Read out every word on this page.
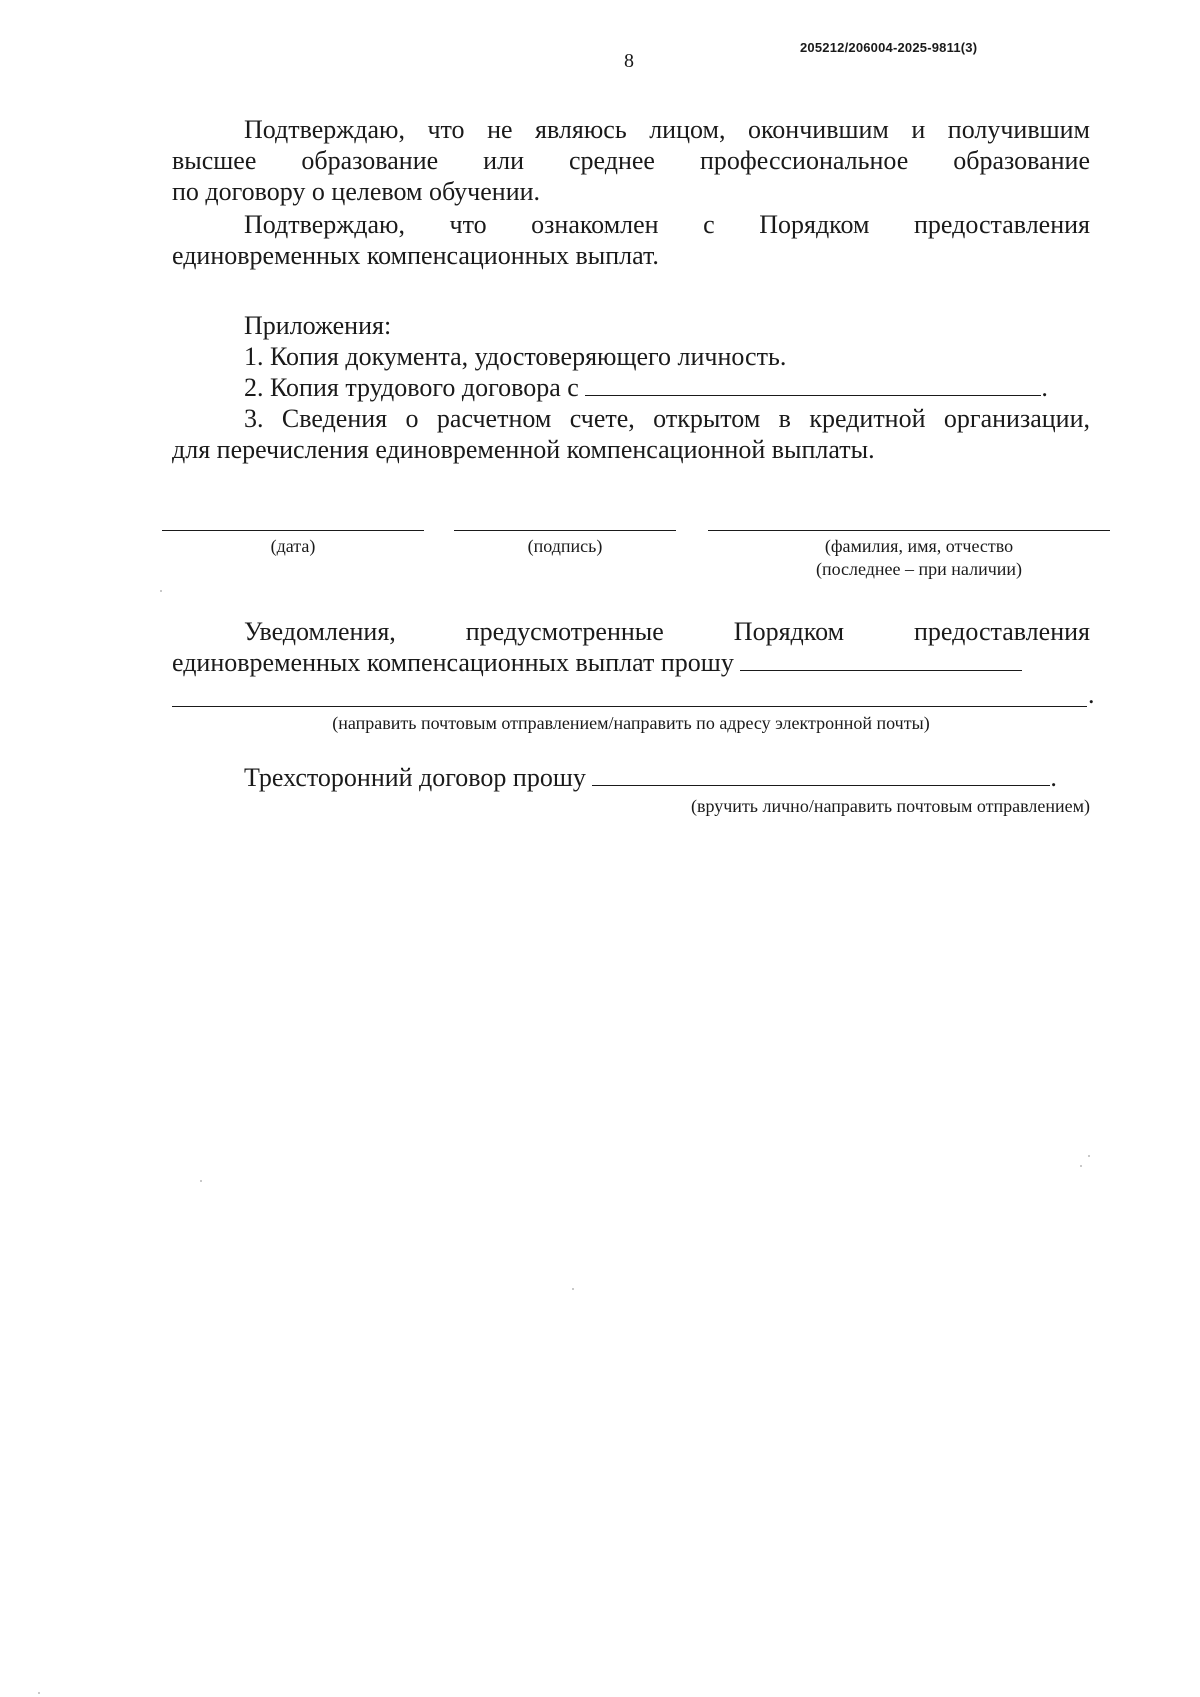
205212/206004-2025-9811(3)
8
Подтверждаю, что не являюсь лицом, окончившим и получившим
высшее образование или среднее профессиональное образование
по договору о целевом обучении.
Подтверждаю, что ознакомлен с Порядком предоставления
единовременных компенсационных выплат.
Приложения:
1. Копия документа, удостоверяющего личность.
2. Копия трудового договора с	.
3. Сведения о расчетном счете, открытом в кредитной организации,
для перечисления единовременной компенсационной выплаты.
(дата)	(подпись)	(фамилия, имя, отчество
(последнее – при наличии)
Уведомления, предусмотренные Порядком предоставления
единовременных компенсационных выплат прошу
.
(направить почтовым отправлением/направить по адресу электронной почты)
Трехсторонний договор прошу	.
(вручить лично/направить почтовым отправлением)
